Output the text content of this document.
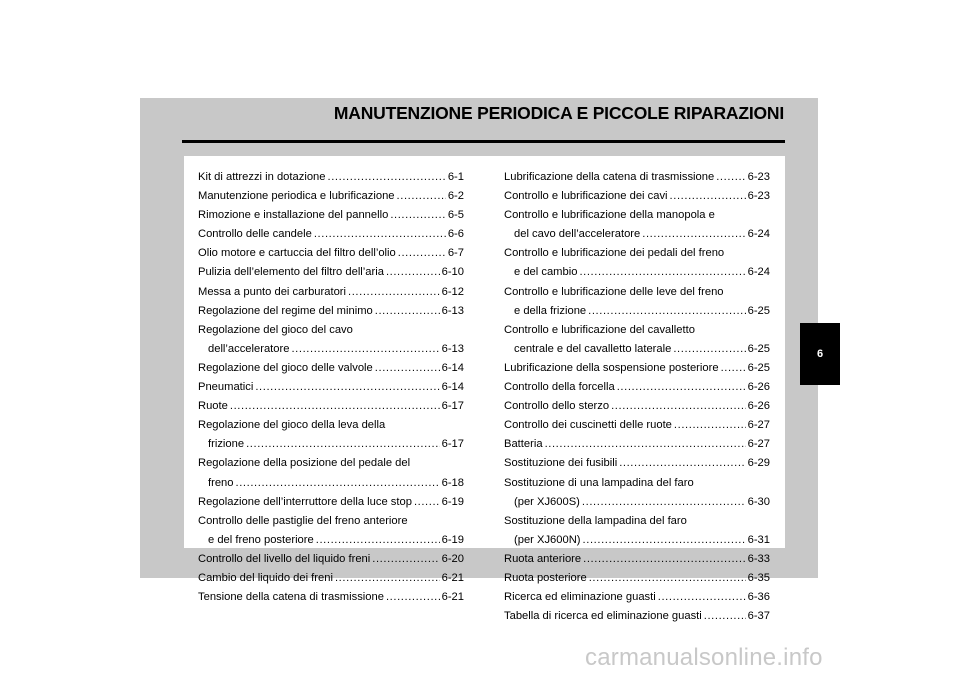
MANUTENZIONE PERIODICA E PICCOLE RIPARAZIONI
Kit di attrezzi in dotazione .....	6-1
Manutenzione periodica e lubrificazione .....	6-2
Rimozione e installazione del pannello .....	6-5
Controllo delle candele .....	6-6
Olio motore e cartuccia del filtro dell’olio .....	6-7
Pulizia dell’elemento del filtro dell’aria .....	6-10
Messa a punto dei carburatori .....	6-12
Regolazione del regime del minimo .....	6-13
Regolazione del gioco del cavo
dell’acceleratore .....	6-13
Regolazione del gioco delle valvole .....	6-14
Pneumatici .....	6-14
Ruote .....	6-17
Regolazione del gioco della leva della
frizione .....	6-17
Regolazione della posizione del pedale del
freno .....	6-18
Regolazione dell’interruttore della luce stop .....	6-19
Controllo delle pastiglie del freno anteriore
e del freno posteriore .....	6-19
Controllo del livello del liquido freni .....	6-20
Cambio del liquido dei freni .....	6-21
Tensione della catena di trasmissione .....	6-21
Lubrificazione della catena di trasmissione .....	6-23
Controllo e lubrificazione dei cavi .....	6-23
Controllo e lubrificazione della manopola e
del cavo dell’acceleratore .....	6-24
Controllo e lubrificazione dei pedali del freno
e del cambio .....	6-24
Controllo e lubrificazione delle leve del freno
e della frizione .....	6-25
Controllo e lubrificazione del cavalletto
centrale e del cavalletto laterale .....	6-25
Lubrificazione della sospensione posteriore .....	6-25
Controllo della forcella .....	6-26
Controllo dello sterzo .....	6-26
Controllo dei cuscinetti delle ruote .....	6-27
Batteria .....	6-27
Sostituzione dei fusibili .....	6-29
Sostituzione di una lampadina del faro
(per XJ600S) .....	6-30
Sostituzione della lampadina del faro
(per XJ600N) .....	6-31
Ruota anteriore .....	6-33
Ruota posteriore .....	6-35
Ricerca ed eliminazione guasti .....	6-36
Tabella di ricerca ed eliminazione guasti .....	6-37
6
carmanualsonline.info
